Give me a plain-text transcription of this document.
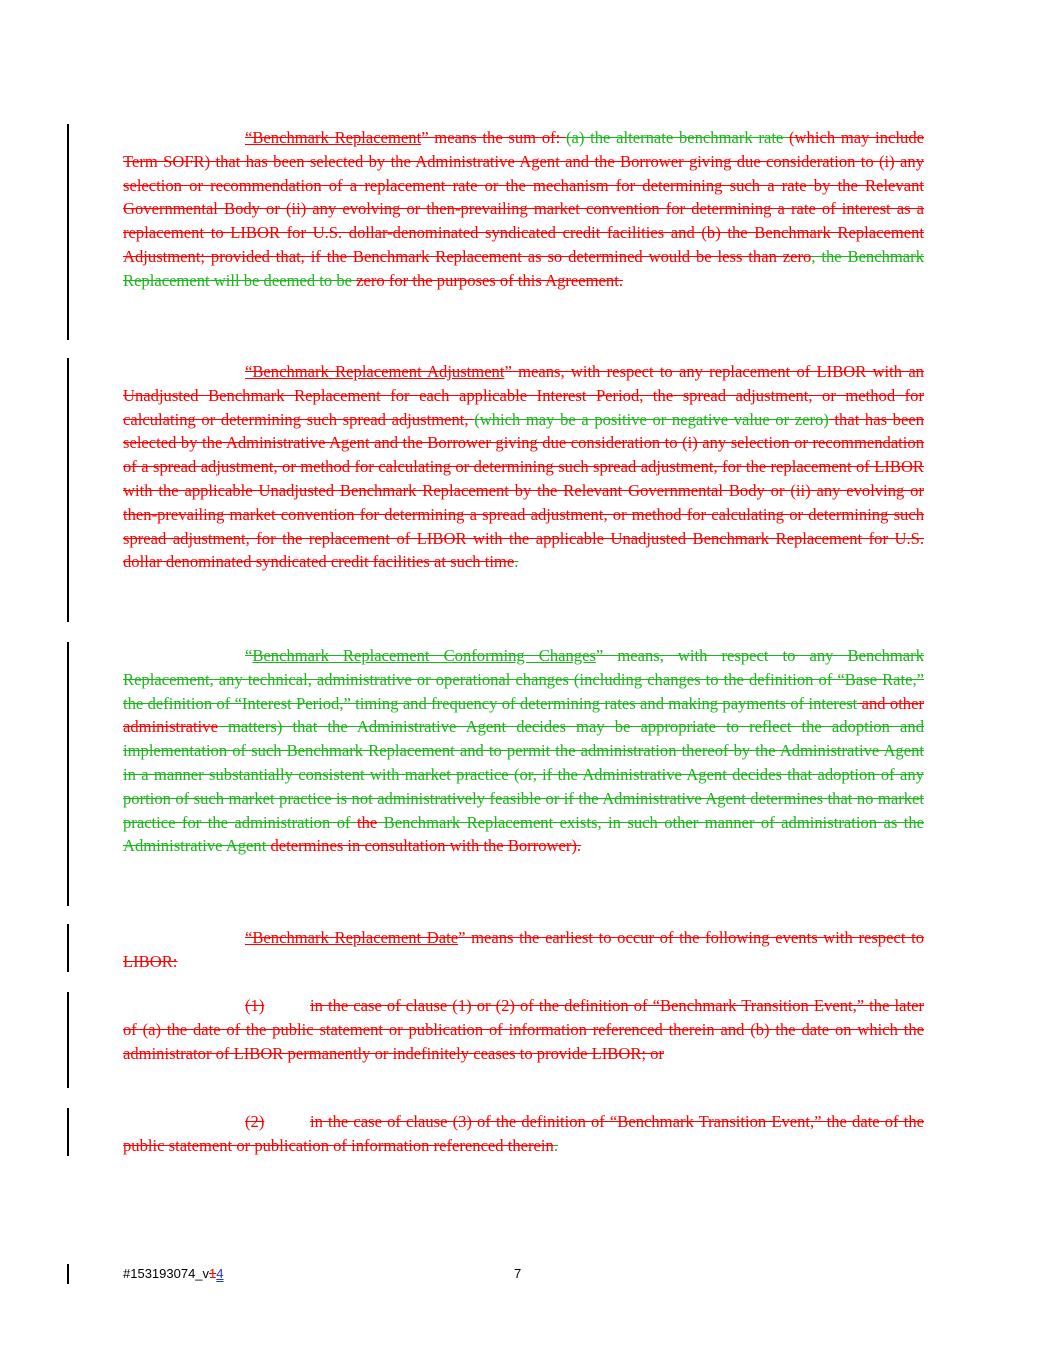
“Benchmark Replacement” means the sum of: (a) the alternate benchmark rate (which may include Term SOFR) that has been selected by the Administrative Agent and the Borrower giving due consideration to (i) any selection or recommendation of a replacement rate or the mechanism for determining such a rate by the Relevant Governmental Body or (ii) any evolving or then-prevailing market convention for determining a rate of interest as a replacement to LIBOR for U.S. dollar-denominated syndicated credit facilities and (b) the Benchmark Replacement Adjustment; provided that, if the Benchmark Replacement as so determined would be less than zero, the Benchmark Replacement will be deemed to be zero for the purposes of this Agreement.
“Benchmark Replacement Adjustment” means, with respect to any replacement of LIBOR with an Unadjusted Benchmark Replacement for each applicable Interest Period, the spread adjustment, or method for calculating or determining such spread adjustment, (which may be a positive or negative value or zero) that has been selected by the Administrative Agent and the Borrower giving due consideration to (i) any selection or recommendation of a spread adjustment, or method for calculating or determining such spread adjustment, for the replacement of LIBOR with the applicable Unadjusted Benchmark Replacement by the Relevant Governmental Body or (ii) any evolving or then-prevailing market convention for determining a spread adjustment, or method for calculating or determining such spread adjustment, for the replacement of LIBOR with the applicable Unadjusted Benchmark Replacement for U.S. dollar denominated syndicated credit facilities at such time.
“Benchmark Replacement Conforming Changes” means, with respect to any Benchmark Replacement, any technical, administrative or operational changes (including changes to the definition of “Base Rate,” the definition of “Interest Period,” timing and frequency of determining rates and making payments of interest and other administrative matters) that the Administrative Agent decides may be appropriate to reflect the adoption and implementation of such Benchmark Replacement and to permit the administration thereof by the Administrative Agent in a manner substantially consistent with market practice (or, if the Administrative Agent decides that adoption of any portion of such market practice is not administratively feasible or if the Administrative Agent determines that no market practice for the administration of the Benchmark Replacement exists, in such other manner of administration as the Administrative Agent determines in consultation with the Borrower).
“Benchmark Replacement Date” means the earliest to occur of the following events with respect to LIBOR:
(1)	in the case of clause (1) or (2) of the definition of “Benchmark Transition Event,” the later of (a) the date of the public statement or publication of information referenced therein and (b) the date on which the administrator of LIBOR permanently or indefinitely ceases to provide LIBOR; or
(2)	in the case of clause (3) of the definition of “Benchmark Transition Event,” the date of the public statement or publication of information referenced therein.
#153193074_v14	7
